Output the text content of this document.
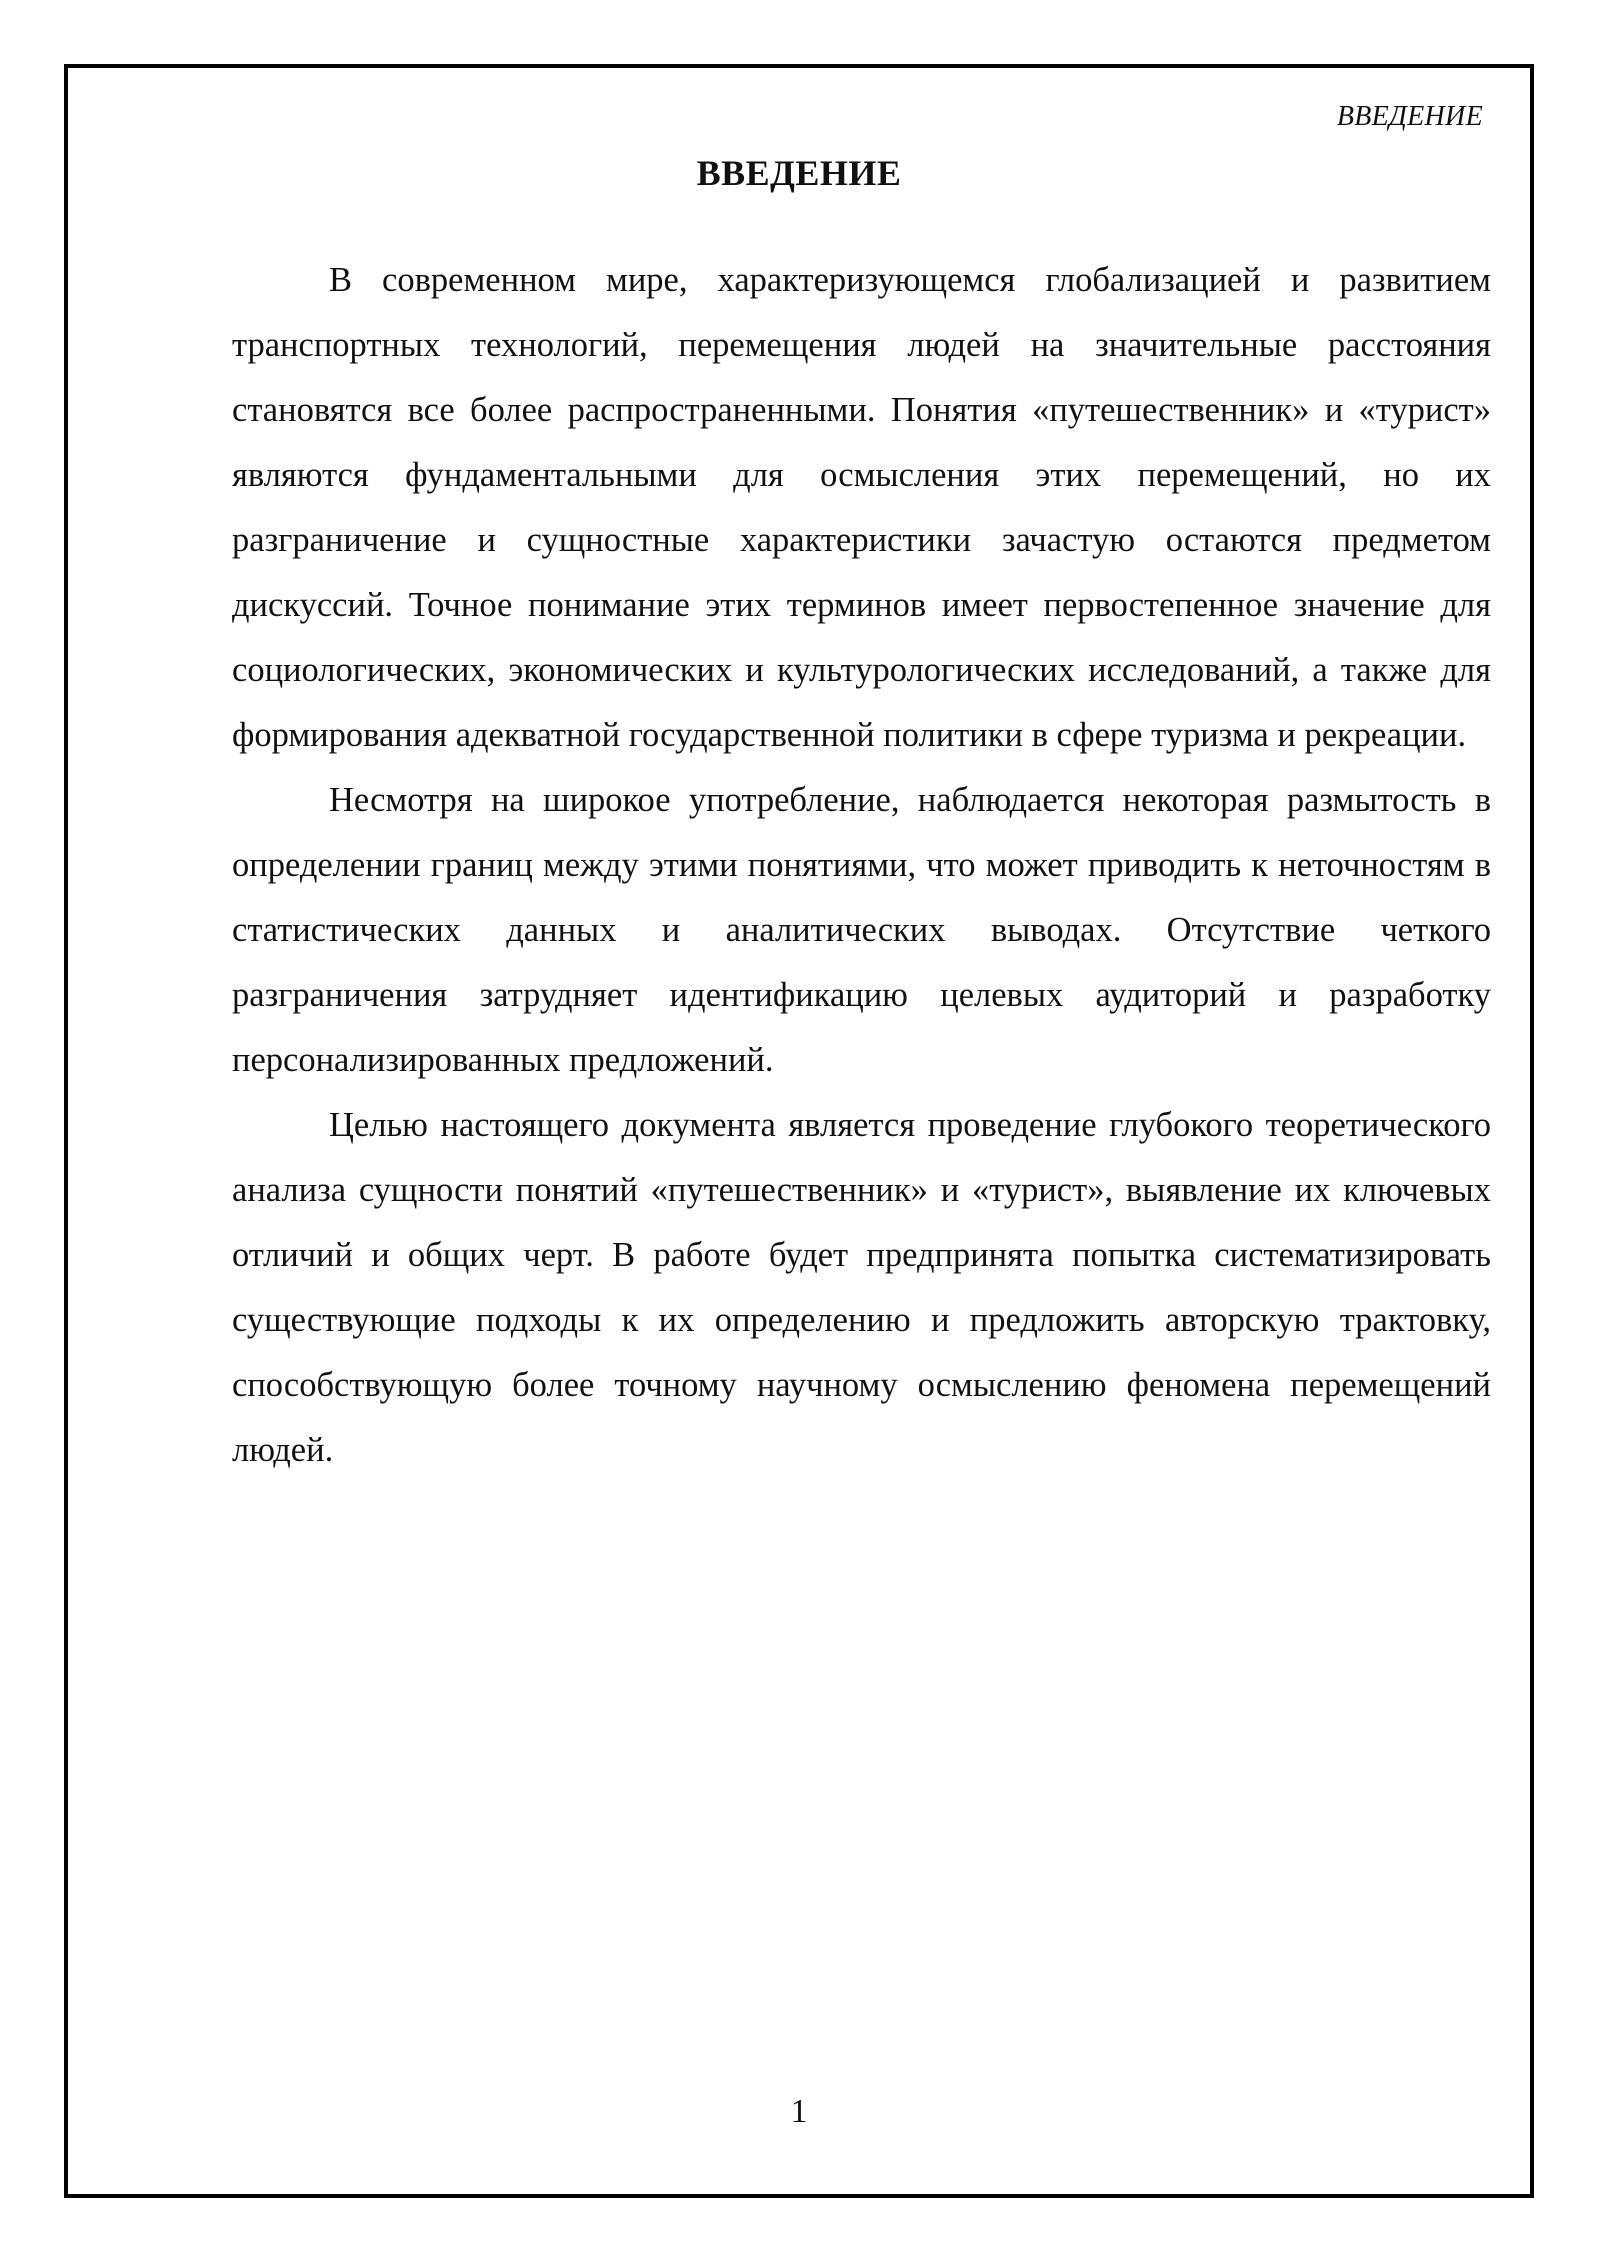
ВВЕДЕНИЕ
ВВЕДЕНИЕ

В современном мире, характеризующемся глобализацией и развитием транспортных технологий, перемещения людей на значительные расстояния становятся все более распространенными. Понятия «путешественник» и «турист» являются фундаментальными для осмысления этих перемещений, но их разграничение и сущностные характеристики зачастую остаются предметом дискуссий. Точное понимание этих терминов имеет первостепенное значение для социологических, экономических и культурологических исследований, а также для формирования адекватной государственной политики в сфере туризма и рекреации.

Несмотря на широкое употребление, наблюдается некоторая размытость в определении границ между этими понятиями, что может приводить к неточностям в статистических данных и аналитических выводах. Отсутствие четкого разграничения затрудняет идентификацию целевых аудиторий и разработку персонализированных предложений.

Целью настоящего документа является проведение глубокого теоретического анализа сущности понятий «путешественник» и «турист», выявление их ключевых отличий и общих черт. В работе будет предпринята попытка систематизировать существующие подходы к их определению и предложить авторскую трактовку, способствующую более точному научному осмыслению феномена перемещений людей.

1
